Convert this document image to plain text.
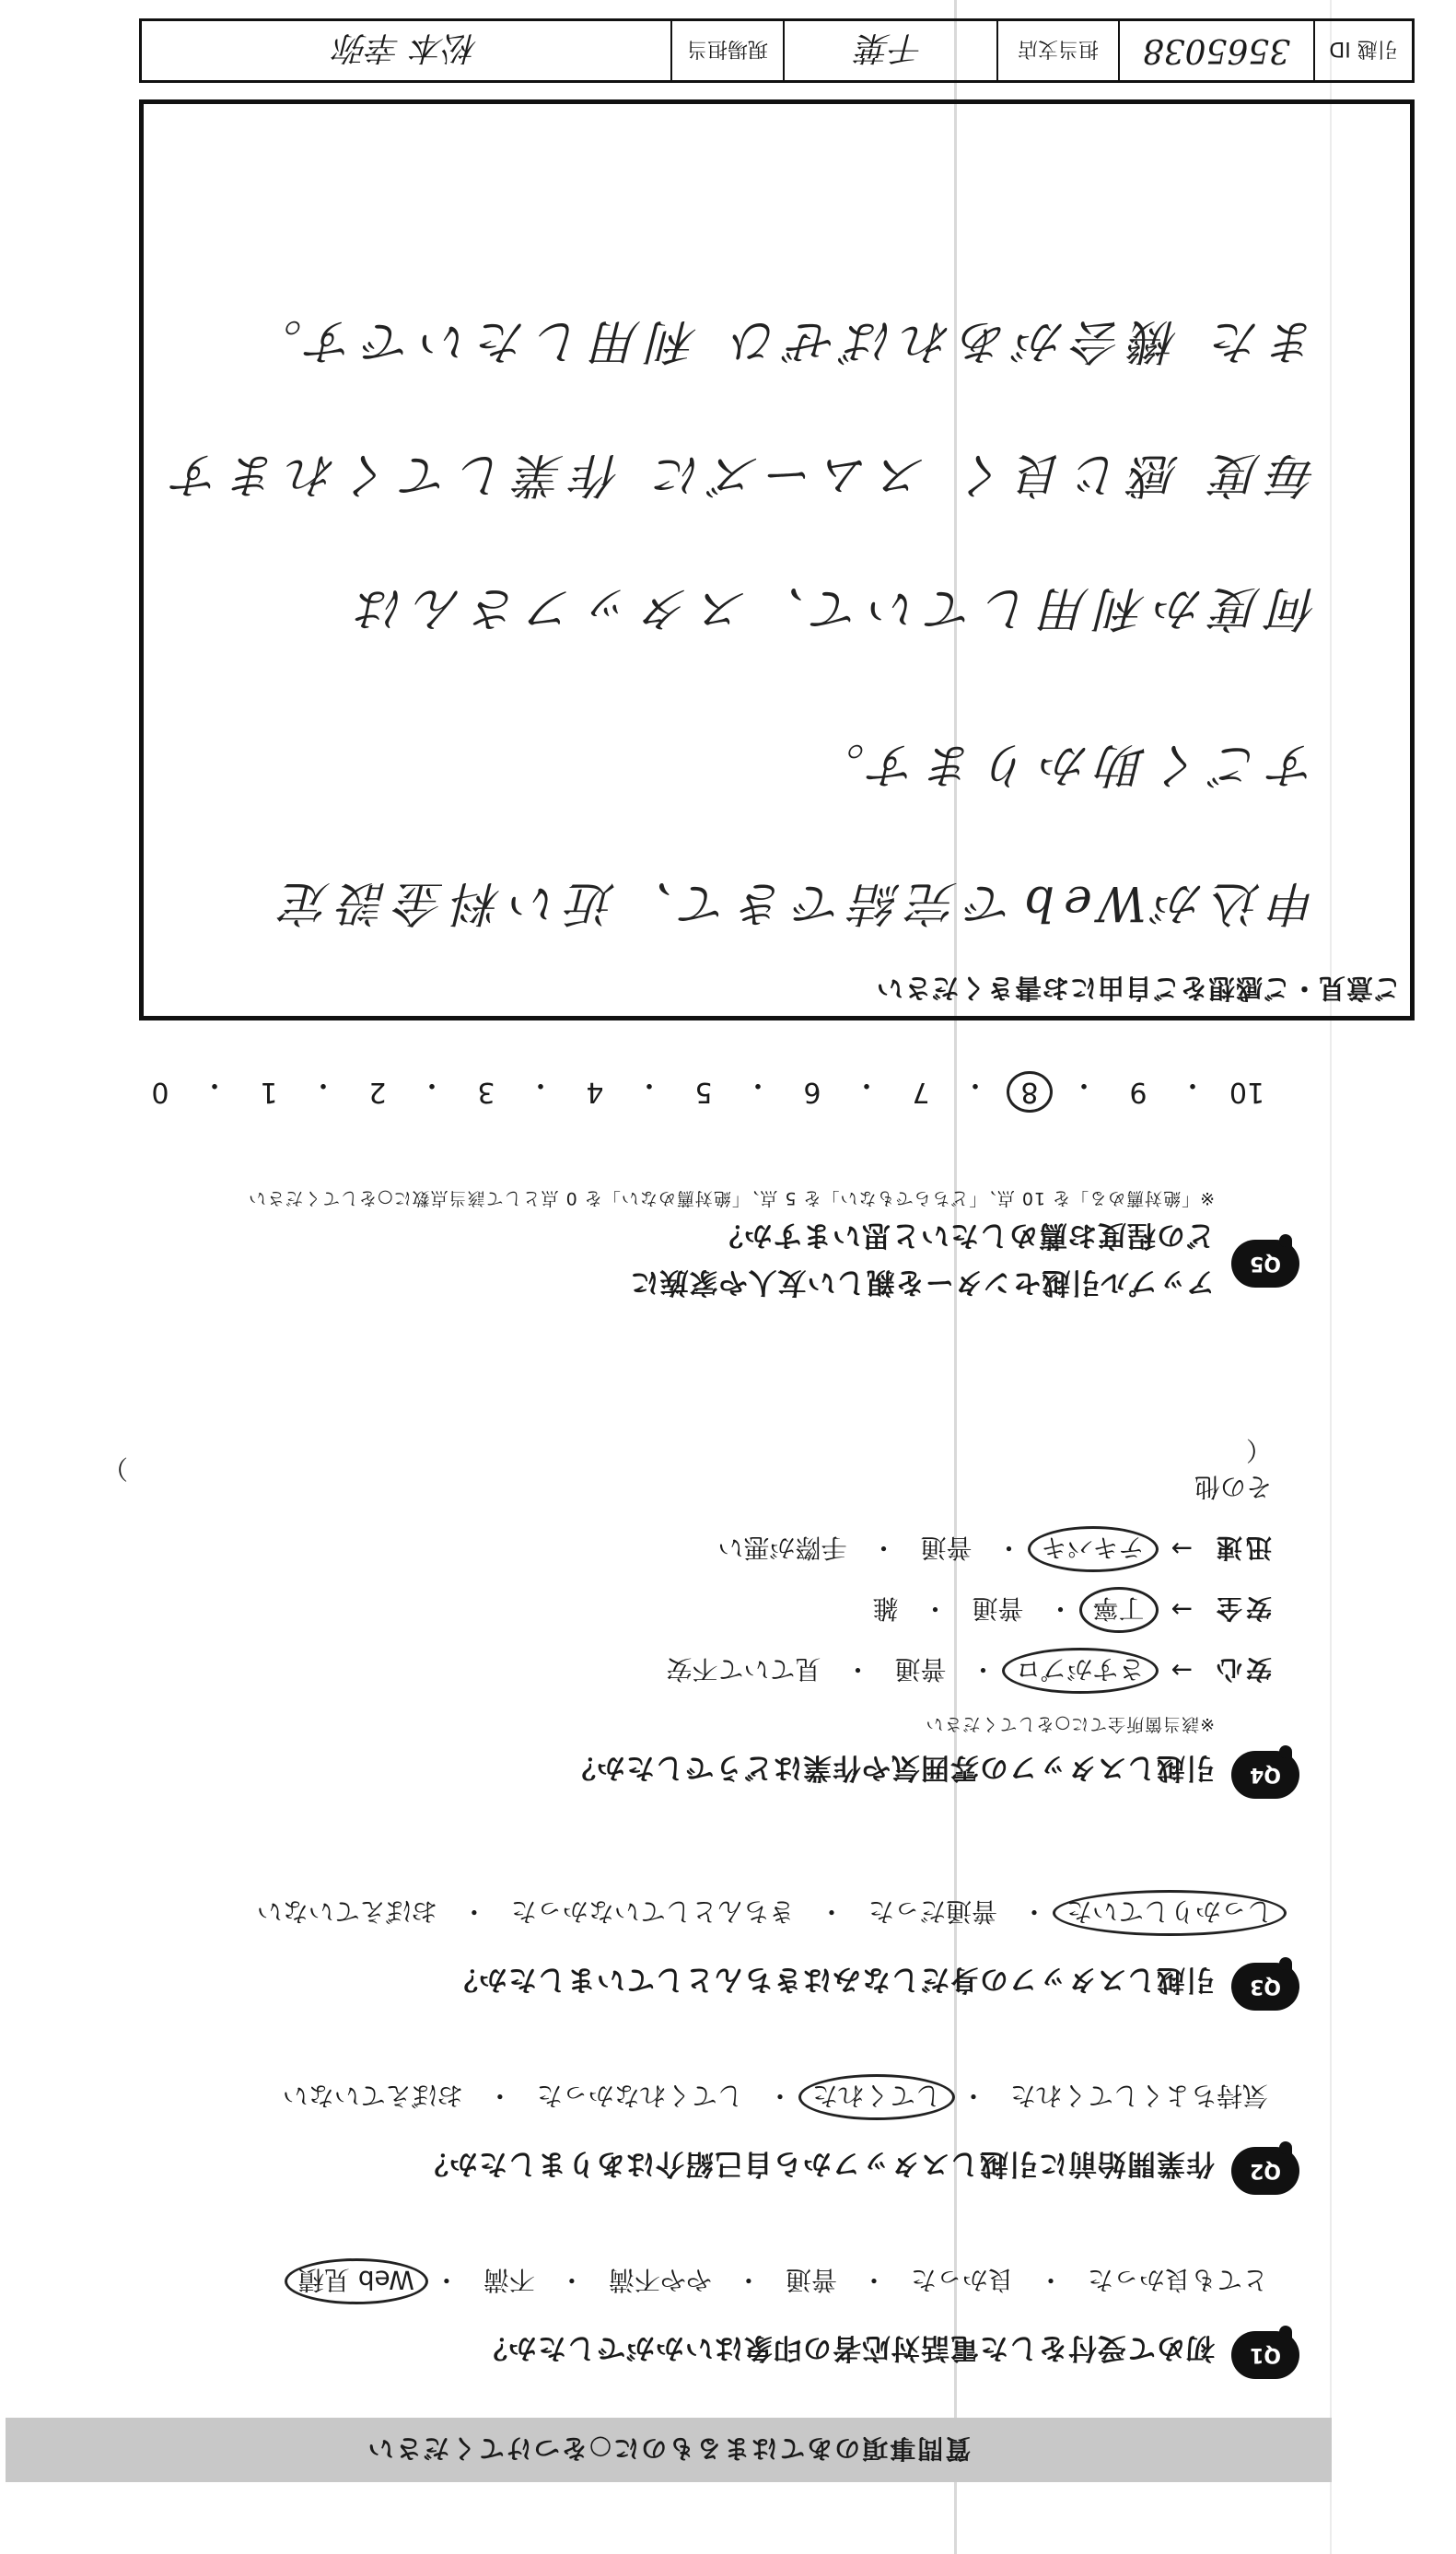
質問事項のあてはまるものに○をつけてください
Q1
初めて受付をした電話対応者の印象はいかがでしたか？
とても良かった
・
良かった
・
普通
・
やや不満
・
不満
・
Web 見積
Q2
作業開始前に引越しスタッフから自己紹介はありましたか？
気持ちよくしてくれた
・
してくれた
・
してくれなかった
・
おぼえていない
Q3
引越しスタッフの身だしなみはきちんとしていましたか？
しっかりしていた
・
普通だった
・
きちんとしていなかった
・
おぼえていない
Q4
引越しスタッフの雰囲気や作業はどうでしたか？
※該当箇所全てに○をしてください
安心
→
さすがプロ
・
普通
・
見ていて不安
安全
→
丁寧
・
普通
・
雑
迅速
→
テキパキ
・
普通
・
手際が悪い
その他（
）
Q5
アップル引越センターを親しい友人や家族に
どの程度お薦めしたいと思いますか？
※「絶対薦める」を 10 点、「どちらでもない」を 5 点、「絶対薦めない」を 0 点として該当点数に○をしてください
10
・
9
・
8
・
7
・
6
・
5
・
4
・
3
・
2
・
1
・
0
ご意見・ご感想をご自由にお書きください
申込がWebで完結できて、近い料金設定
すごく助かります。
何度か利用していて、スタッフさんは
毎度 感じ良く スムーズに 作業してくれます
また 機会があればぜひ 利用したいです。
引越 ID
3565038
担当支店
千葉
現場担当
松本 幸弥
